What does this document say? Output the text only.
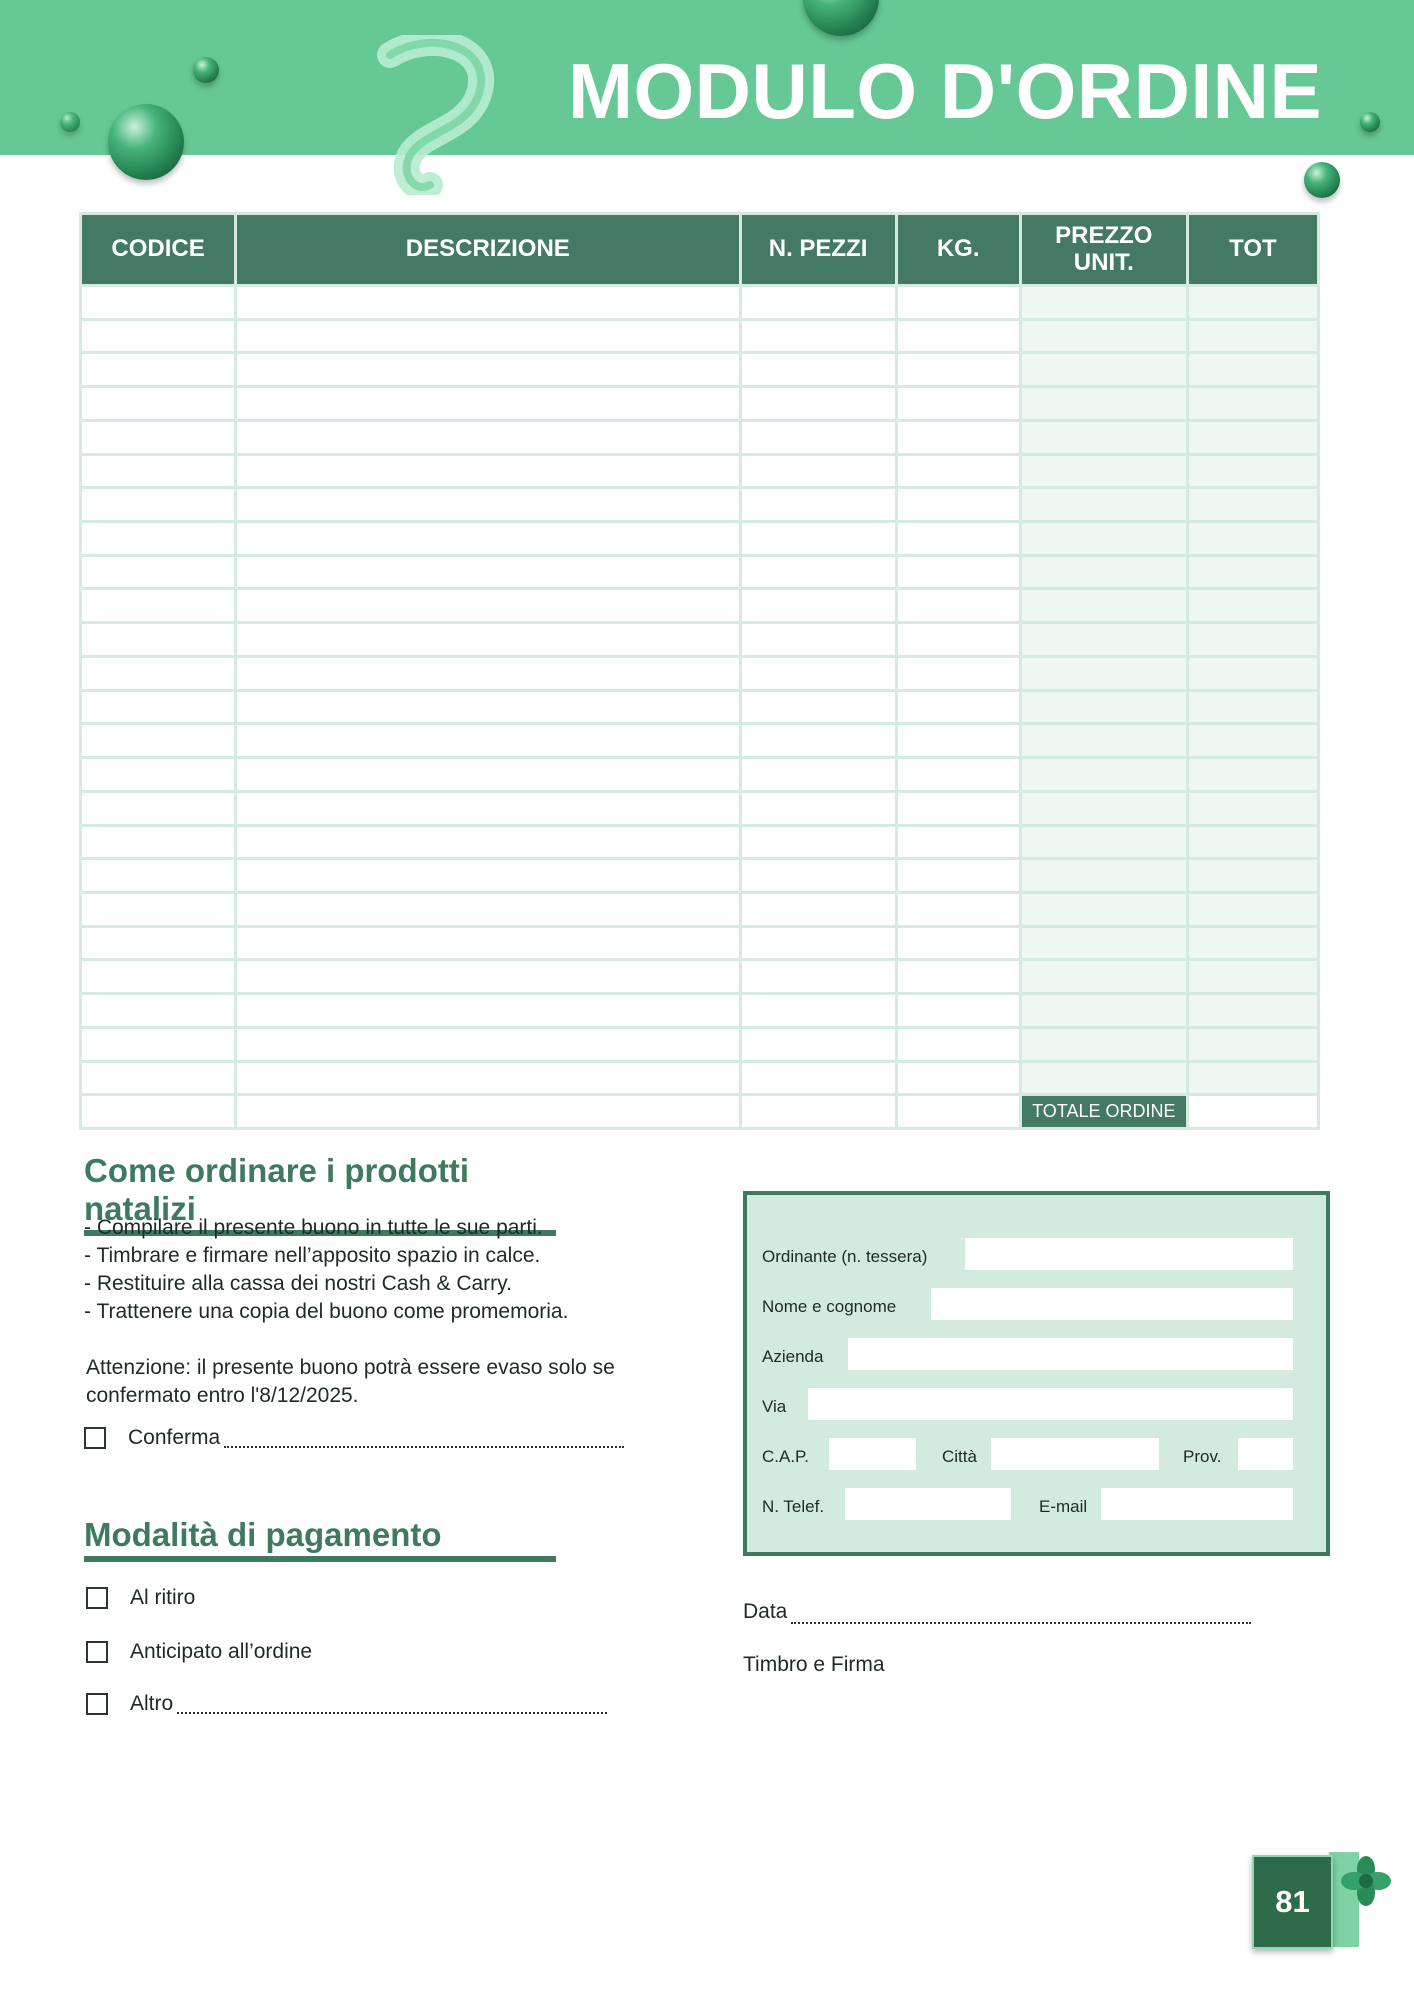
MODULO D'ORDINE
CODICE	DESCRIZIONE	N. PEZZI	KG.	PREZZO UNIT.	TOT

				TOTALE ORDINE	
Come ordinare i prodotti natalizi
- Compilare il presente buono in tutte le sue parti.
- Timbrare e firmare nell’apposito spazio in calce.
- Restituire alla cassa dei nostri Cash & Carry.
- Trattenere una copia del buono come promemoria.

Attenzione: il presente buono potrà essere evaso solo se confermato entro l'8/12/2025.

Conferma
Modalità di pagamento
Al ritiro
Anticipato all’ordine
Altro
Ordinante (n. tessera)
Nome e cognome
Azienda
Via
C.A.P.	Città	Prov.
N. Telef.	E-mail
Data
Timbro e Firma
81
